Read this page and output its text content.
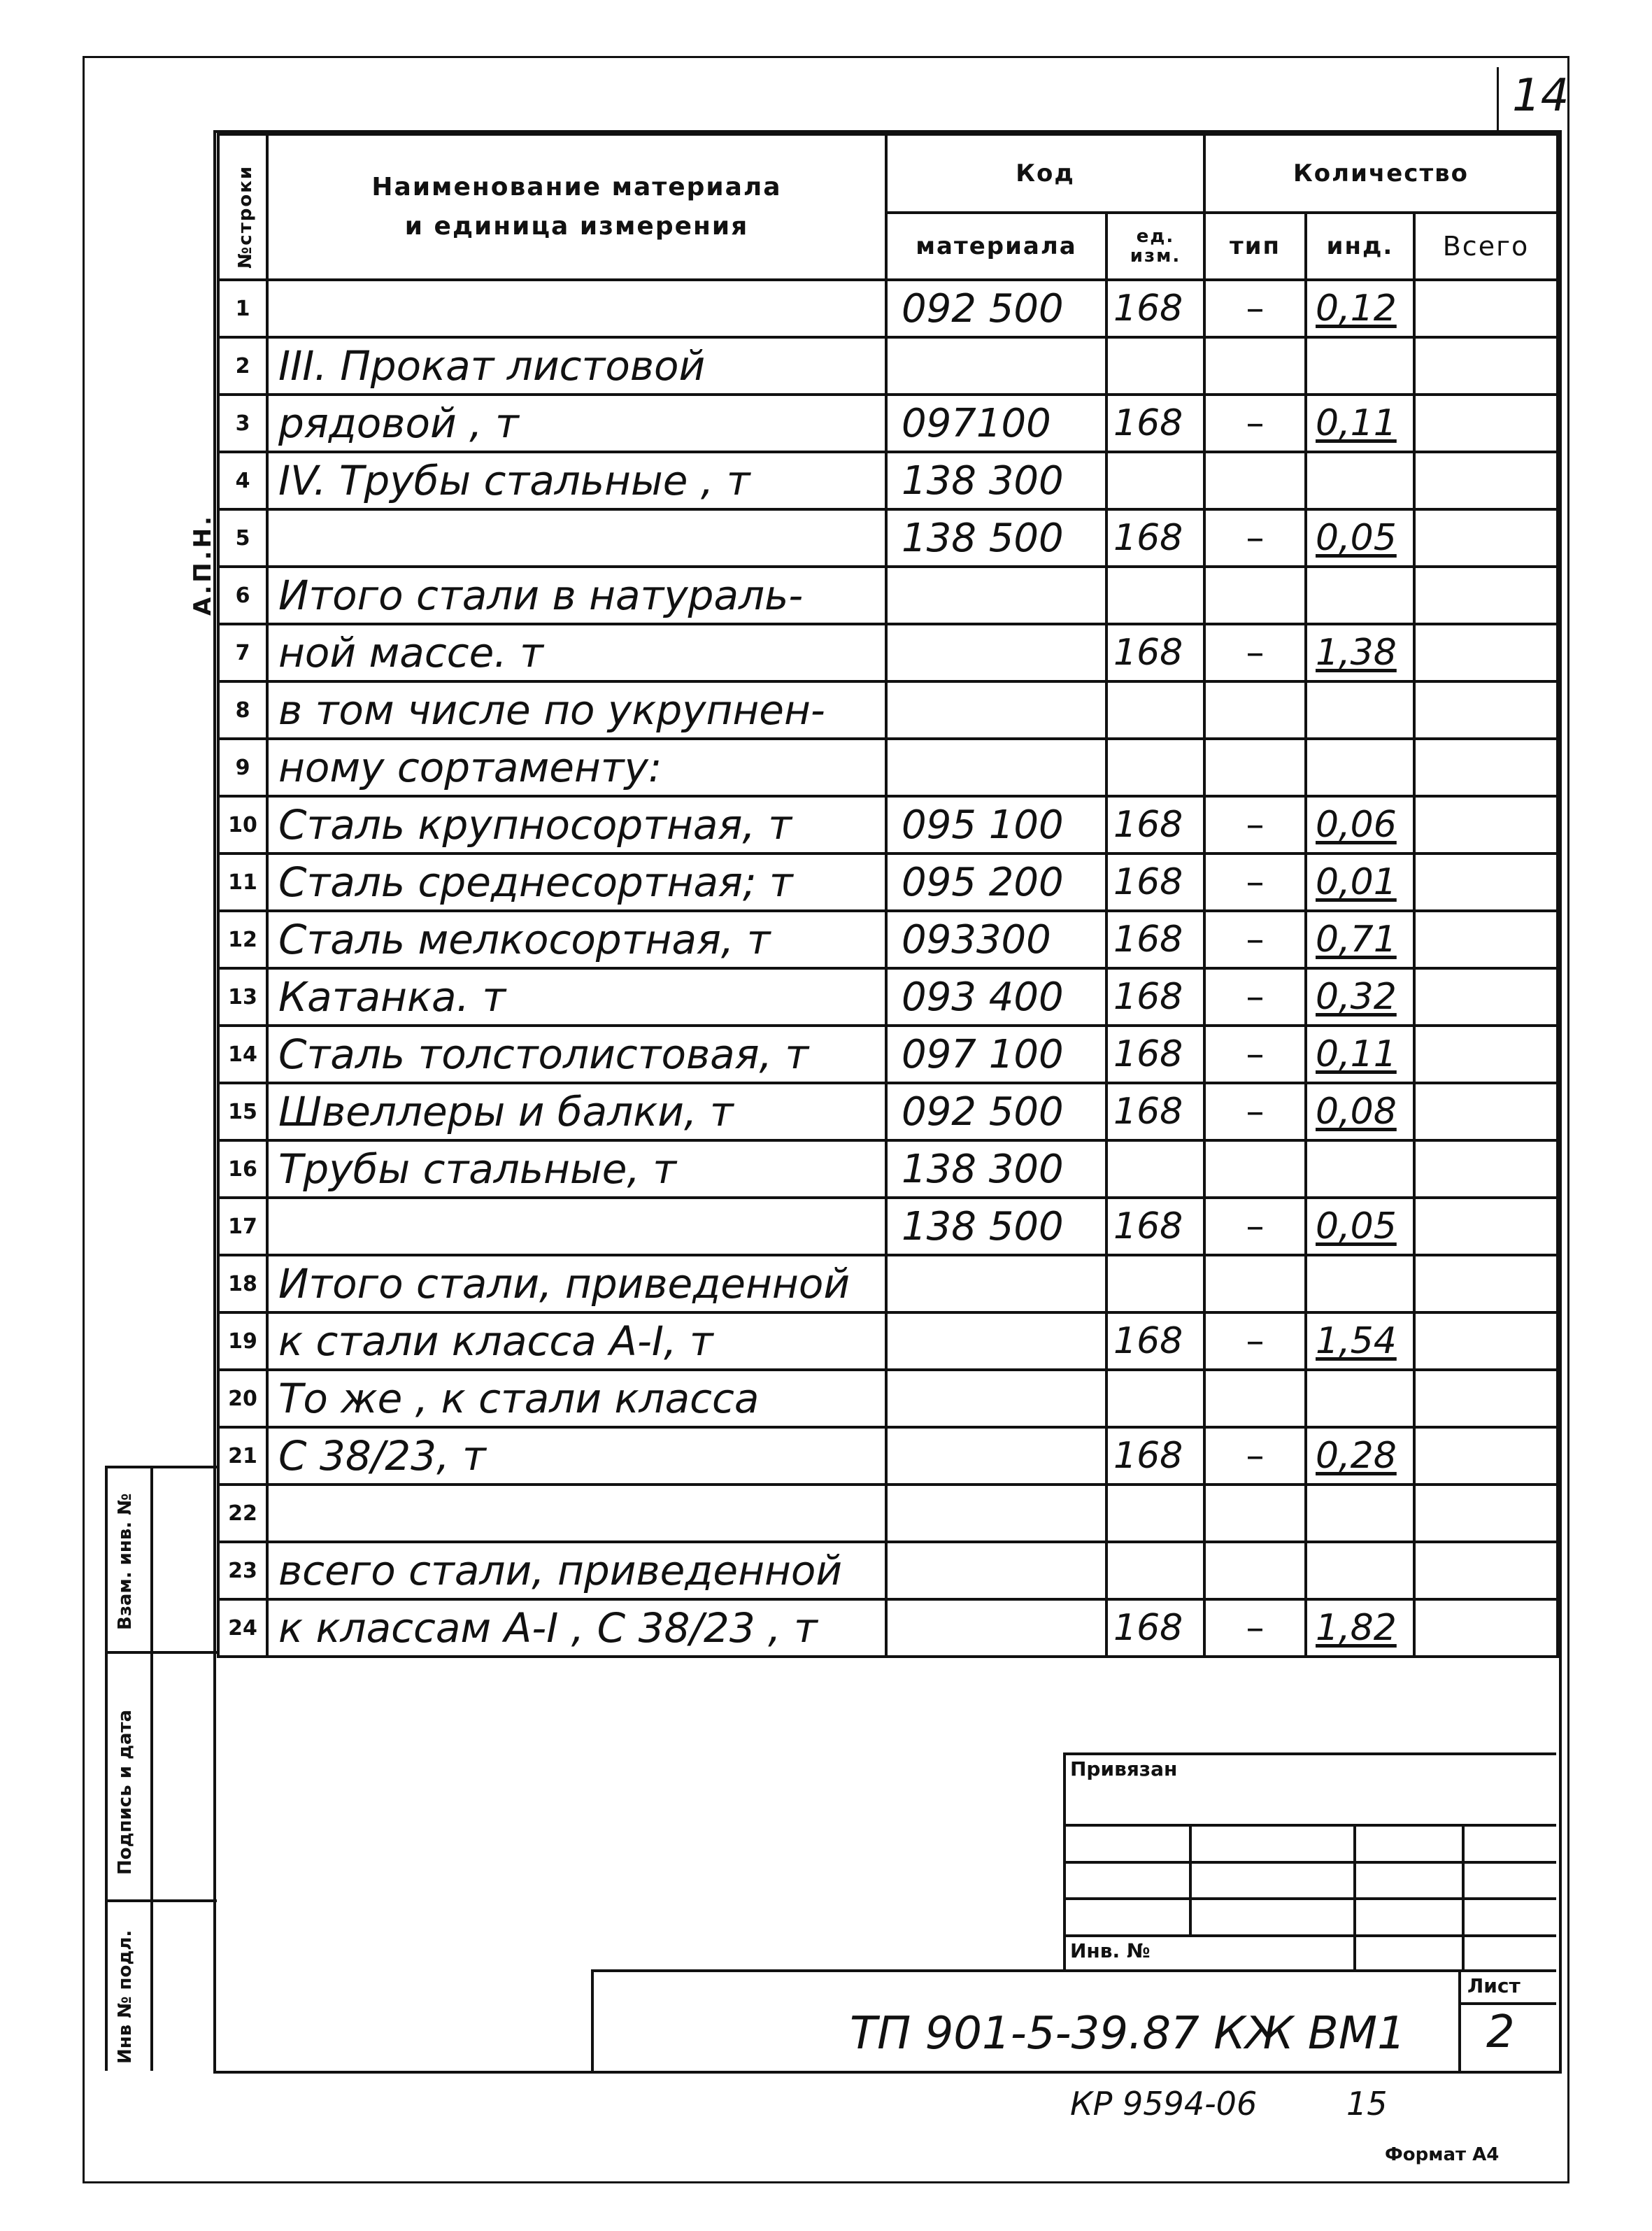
14
А.П.Н.
№строки	Наименование материала
и единица измерения	Код		Количество		
		материала	ед. изм.	тип	инд.	Всего
1		092 500	168	–	0,12	
2	III. Прокат листовой					
3	рядовой , т	097100	168	–	0,11	
4	IV. Трубы стальные , т	138 300				
5		138 500	168	–	0,05	
6	Итого стали в натураль-					
7	ной массе. т		168	–	1,38	
8	в том числе по укрупнен-					
9	ному сортаменту:					
10	Сталь крупносортная, т	095 100	168	–	0,06	
11	Сталь среднесортная; т	095 200	168	–	0,01	
12	Сталь мелкосортная, т	093300	168	–	0,71	
13	Катанка. т	093 400	168	–	0,32	
14	Сталь толстолистовая, т	097 100	168	–	0,11	
15	Швеллеры и балки, т	092 500	168	–	0,08	
16	Трубы стальные, т	138 300				
17		138 500	168	–	0,05	
18	Итого стали, приведенной					
19	к стали класса А-I, т		168	–	1,54	
20	То же , к стали класса					
21	С 38/23, т		168	–	0,28	
22						
23	всего стали, приведенной					
24	к классам А-I , С 38/23 , т		168	–	1,82	
Взам. инв. №
Подпись и дата
Инв № подл.
Привязан
Инв. №
Лист
2
ТП 901-5-39.87 КЖ ВМ1
КР 9594-06	15
Формат А4
